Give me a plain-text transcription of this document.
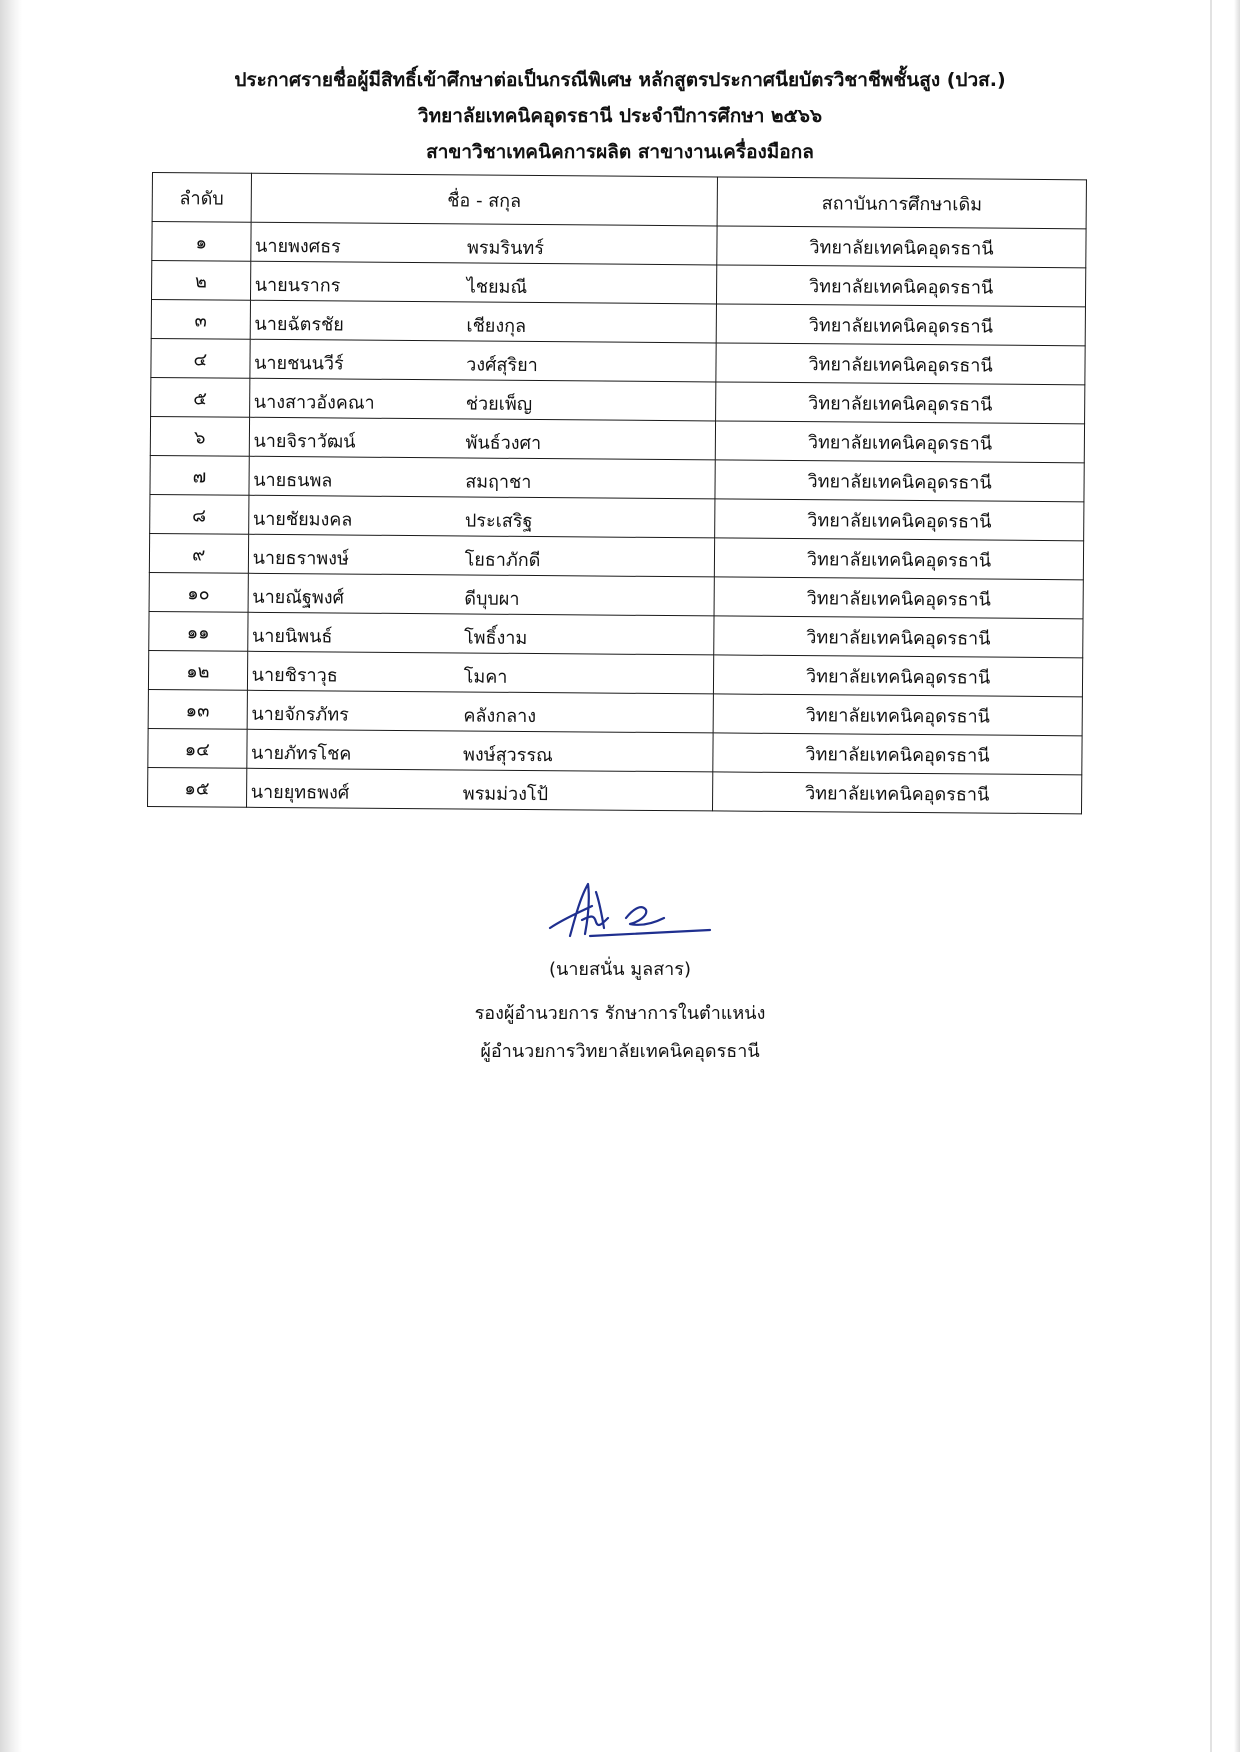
ประกาศรายชื่อผู้มีสิทธิ์เข้าศึกษาต่อเป็นกรณีพิเศษ หลักสูตรประกาศนียบัตรวิชาชีพชั้นสูง (ปวส.)
วิทยาลัยเทคนิคอุดรธานี ประจำปีการศึกษา ๒๕๖๖
สาขาวิชาเทคนิคการผลิต สาขางานเครื่องมือกล
ลำดับ	ชื่อ - สกุล	สถาบันการศึกษาเดิม
๑	นายพงศธร พรมรินทร์	วิทยาลัยเทคนิคอุดรธานี
๒	นายนรากร ไชยมณี	วิทยาลัยเทคนิคอุดรธานี
๓	นายฉัตรชัย เชียงกุล	วิทยาลัยเทคนิคอุดรธานี
๔	นายชนนวีร์ วงศ์สุริยา	วิทยาลัยเทคนิคอุดรธานี
๕	นางสาวอังคณา ช่วยเพ็ญ	วิทยาลัยเทคนิคอุดรธานี
๖	นายจิราวัฒน์ พันธ์วงศา	วิทยาลัยเทคนิคอุดรธานี
๗	นายธนพล สมฤาชา	วิทยาลัยเทคนิคอุดรธานี
๘	นายชัยมงคล ประเสริฐ	วิทยาลัยเทคนิคอุดรธานี
๙	นายธราพงษ์ โยธาภักดี	วิทยาลัยเทคนิคอุดรธานี
๑๐	นายณัฐพงศ์ ดีบุบผา	วิทยาลัยเทคนิคอุดรธานี
๑๑	นายนิพนธ์ โพธิ์งาม	วิทยาลัยเทคนิคอุดรธานี
๑๒	นายชิราวุธ โมคา	วิทยาลัยเทคนิคอุดรธานี
๑๓	นายจักรภัทร คลังกลาง	วิทยาลัยเทคนิคอุดรธานี
๑๔	นายภัทรโชค พงษ์สุวรรณ	วิทยาลัยเทคนิคอุดรธานี
๑๕	นายยุทธพงศ์ พรมม่วงโป้	วิทยาลัยเทคนิคอุดรธานี
(นายสนั่น มูลสาร)
รองผู้อำนวยการ รักษาการในตำแหน่ง
ผู้อำนวยการวิทยาลัยเทคนิคอุดรธานี
